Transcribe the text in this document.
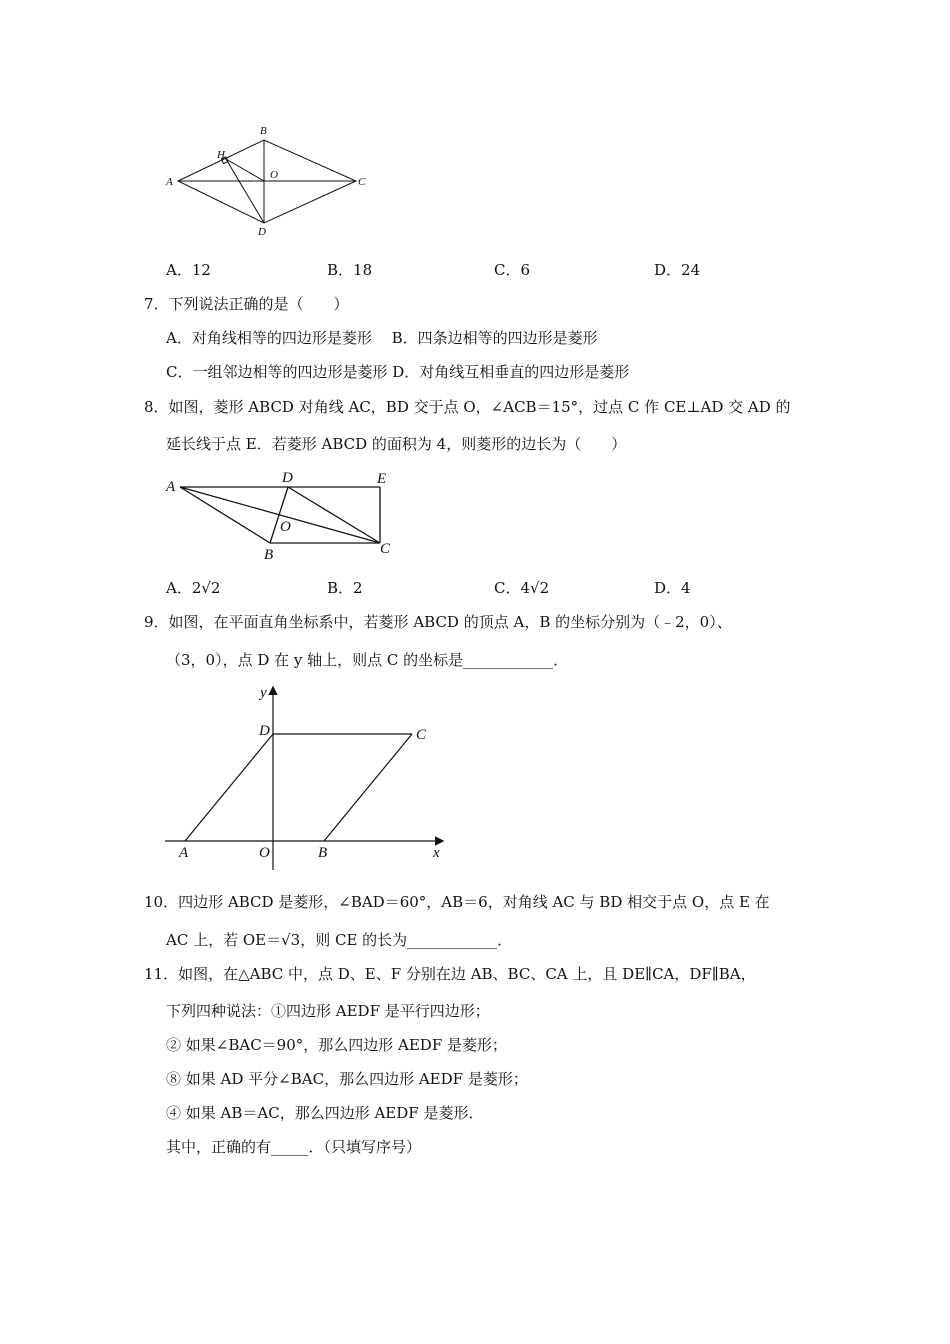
A
B
C
D
H
O
A．12	B．18	C．6	D．24
7．下列说法正确的是（　　）
A．对角线相等的四边形是菱形　 B．四条边相等的四边形是菱形
C．一组邻边相等的四边形是菱形 D．对角线互相垂直的四边形是菱形
8．如图，菱形 ABCD 对角线 AC，BD 交于点 O，∠ACB＝15°，过点 C 作 CE⊥AD 交 AD 的
延长线于点 E．若菱形 ABCD 的面积为 4，则菱形的边长为（　　）
A
D	E
O
B	C
A．2√2	B．2	C．4√2	D．4
9．如图，在平面直角坐标系中，若菱形 ABCD 的顶点 A，B 的坐标分别为（﹣2，0）、
（3，0），点 D 在 y 轴上，则点 C 的坐标是____________．
y
D	C
A	O	B	x
10．四边形 ABCD 是菱形，∠BAD＝60°，AB＝6，对角线 AC 与 BD 相交于点 O，点 E 在
AC 上，若 OE＝√3，则 CE 的长为____________．
11．如图，在△ABC 中，点 D、E、F 分别在边 AB、BC、CA 上，且 DE∥CA，DF∥BA，
下列四种说法：①四边形 AEDF 是平行四边形；
② 如果∠BAC＝90°，那么四边形 AEDF 是菱形；
⑧ 如果 AD 平分∠BAC，那么四边形 AEDF 是菱形；
④ 如果 AB＝AC，那么四边形 AEDF 是菱形．
其中，正确的有_____．（只填写序号）
